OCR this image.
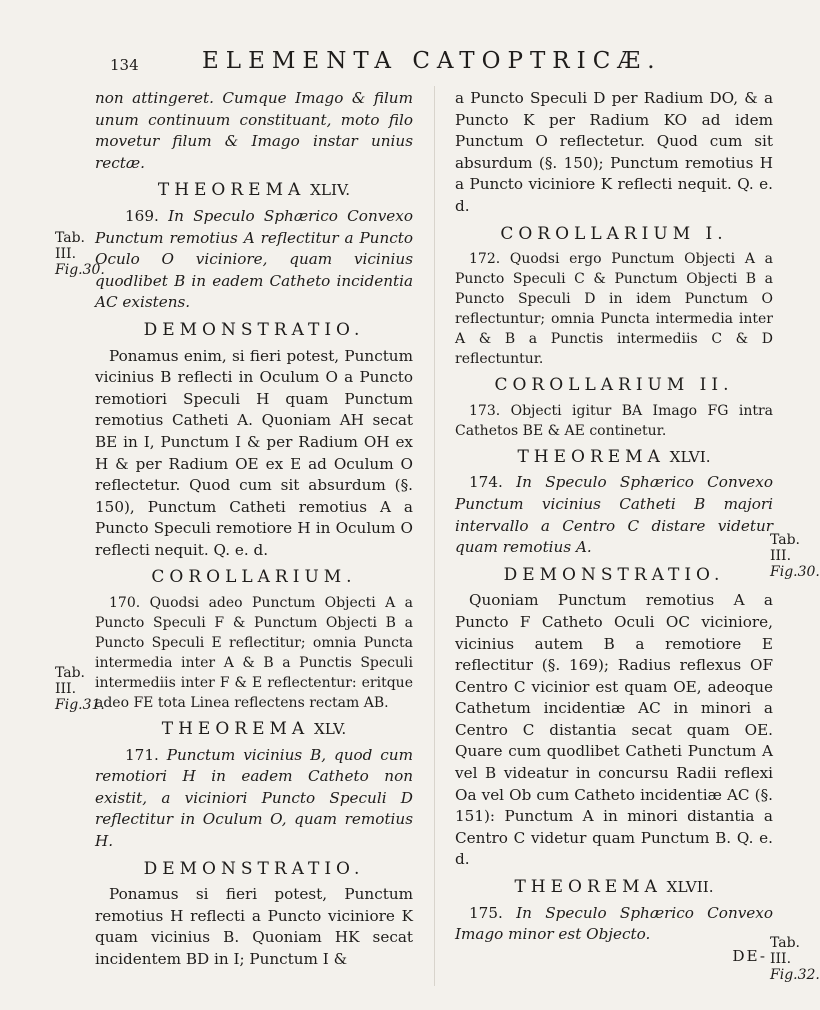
134	ELEMENTA CATOPTRICÆ.

non attingeret. Cumque Imago & filum unum continuum constituant, moto filo movetur filum & Imago instar unius rectæ.

THEOREMA XLIV.

169. In Speculo Sphærico Convexo Punctum remotius A reflectitur a Puncto Oculo O viciniore, quam vicinius quodlibet B in eadem Catheto incidentia AC existens.

DEMONSTRATIO.

Ponamus enim, si fieri potest, Punctum vicinius B reflecti in Oculum O a Puncto remotiori Speculi H quam Punctum remotius Catheti A. Quoniam AH secat BE in I, Punctum I & per Radium OH ex H & per Radium OE ex E ad Oculum O reflectetur. Quod cum sit absurdum (§. 150), Punctum Catheti remotius A a Puncto Speculi remotiore H in Oculum O reflecti nequit. Q. e. d.

COROLLARIUM.

170. Quodsi adeo Punctum Objecti A a Puncto Speculi F & Punctum Objecti B a Puncto Speculi E reflectitur; omnia Puncta intermedia inter A & B a Punctis Speculi intermediis inter F & E reflectentur: eritque adeo FE tota Linea reflectens rectam AB.

THEOREMA XLV.

171. Punctum vicinius B, quod cum remotiori H in eadem Catheto non existit, a viciniori Puncto Speculi D reflectitur in Oculum O, quam remotius H.

DEMONSTRATIO.

Ponamus si fieri potest, Punctum remotius H reflecti a Puncto viciniore K quam vicinius B. Quoniam HK secat incidentem BD in I; Punctum I &

a Puncto Speculi D per Radium DO, & a Puncto K per Radium KO ad idem Punctum O reflectetur. Quod cum sit absurdum (§. 150); Punctum remotius H a Puncto viciniore K reflecti nequit. Q. e. d.

COROLLARIUM I.

172. Quodsi ergo Punctum Objecti A a Puncto Speculi C & Punctum Objecti B a Puncto Speculi D in idem Punctum O reflectuntur; omnia Puncta intermedia inter A & B a Punctis intermediis C & D reflectuntur.

COROLLARIUM II.

173. Objecti igitur BA Imago FG intra Cathetos BE & AE continetur.

THEOREMA XLVI.

174. In Speculo Sphærico Convexo Punctum vicinius Catheti B majori intervallo a Centro C distare videtur quam remotius A.

DEMONSTRATIO.

Quoniam Punctum remotius A a Puncto F Catheto Oculi OC viciniore, vicinius autem B a remotiore E reflectitur (§. 169); Radius reflexus OF Centro C vicinior est quam OE, adeoque Cathetum incidentiæ AC in minori a Centro C distantia secat quam OE. Quare cum quodlibet Catheti Punctum A vel B videatur in concursu Radii reflexi Oa vel Ob cum Catheto incidentiæ AC (§. 151): Punctum A in minori distantia a Centro C videtur quam Punctum B. Q. e. d.

THEOREMA XLVII.

175. In Speculo Sphærico Convexo Imago minor est Objecto.

DE-
Tab.
III.
Fig.30.
Tab.
III.
Fig.31.
Tab.
III.
Fig.30.
Tab.
III.
Fig.32.
